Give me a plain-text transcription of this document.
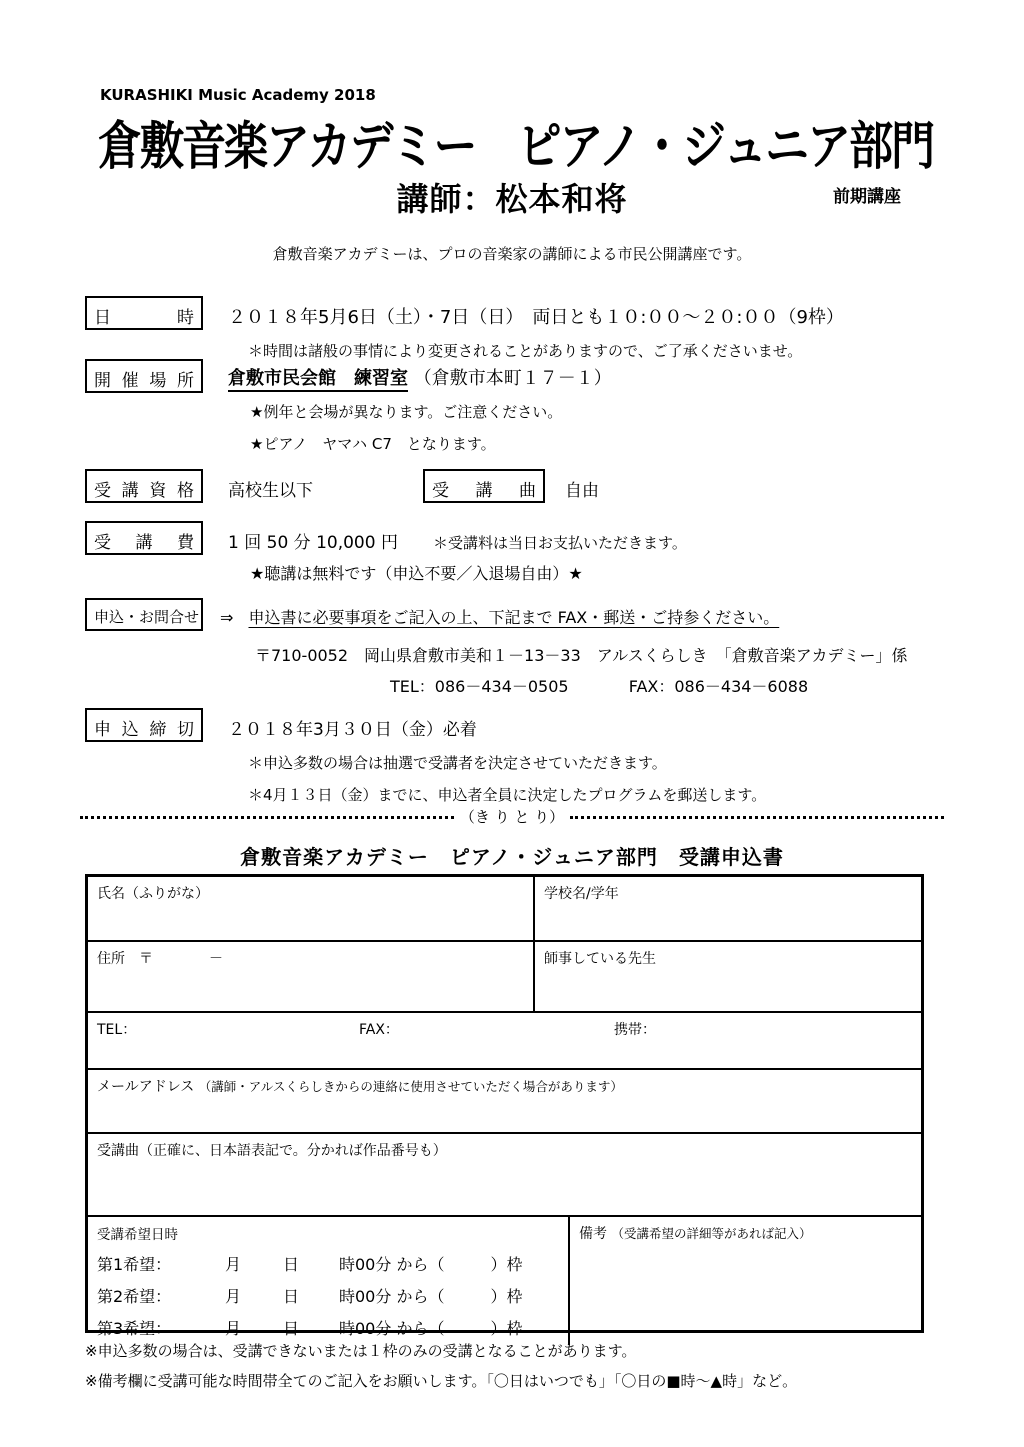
KURASHIKI Music Academy 2018
倉敷音楽アカデミー　ピアノ・ジュニア部門
講師：松本和将	前期講座
倉敷音楽アカデミーは、プロの音楽家の講師による市民公開講座です。
日時	２０１８年5月6日（土）・7日（日）　両日とも１０:００～２０:００（9枠）
＊時間は諸般の事情により変更されることがありますので、ご了承くださいませ。
開催場所	倉敷市民会館　練習室 （倉敷市本町１７－１）
★例年と会場が異なります。ご注意ください。
★ピアノ　ヤマハ C7　となります。
受講資格	高校生以下	受講曲	自由
受講費	1 回 50 分 10,000 円 ＊受講料は当日お支払いただきます。
★聴講は無料です（申込不要／入退場自由）★
申込・お問合せ ⇒ 申込書に必要事項をご記入の上、下記まで FAX・郵送・ご持参ください。
〒710-0052　岡山県倉敷市美和１－13－33　アルスくらしき　「倉敷音楽アカデミー」係
TEL：086－434－0505	FAX：086－434－6088
申込締切	２０１８年3月３０日（金）必着
＊申込多数の場合は抽選で受講者を決定させていただきます。
＊4月１３日（金）までに、申込者全員に決定したプログラムを郵送します。
（き り と り）
倉敷音楽アカデミー　ピアノ・ジュニア部門　受講申込書
氏名（ふりがな）	学校名/学年
住所　〒　　　　－	師事している先生
TEL：	FAX：	携帯：
メールアドレス （講師・アルスくらしきからの連絡に使用させていただく場合があります）
受講曲（正確に、日本語表記で。分かれば作品番号も）
受講希望日時
第1希望：	月	日	時00分 から（	）枠
第2希望：	月	日	時00分 から（	）枠
第3希望：	月	日	時00分 から（	）枠
備考 （受講希望の詳細等があれば記入）
※申込多数の場合は、受講できないまたは１枠のみの受講となることがあります。
※備考欄に受講可能な時間帯全てのご記入をお願いします。「〇日はいつでも」「〇日の■時～▲時」など。
